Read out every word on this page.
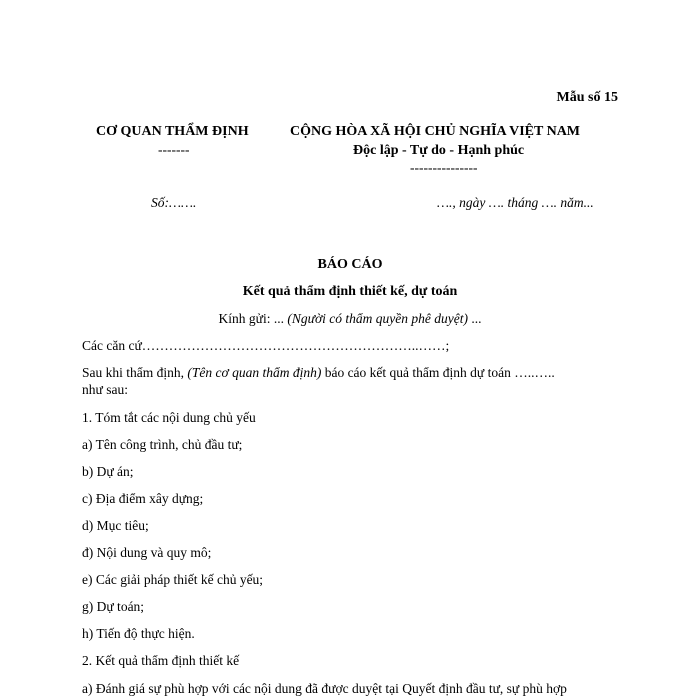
Mẫu số 15
CƠ QUAN THẨM ĐỊNH
-------
CỘNG HÒA XÃ HỘI CHỦ NGHĨA VIỆT NAM
Độc lập - Tự do - Hạnh phúc
---------------
Số:…….	…., ngày …. tháng …. năm...
BÁO CÁO
Kết quả thẩm định thiết kế, dự toán
Kính gửi: ... (Người có thẩm quyền phê duyệt) ...
Các căn cứ……………………………………………………..……;
Sau khi thẩm định, (Tên cơ quan thẩm định) báo cáo kết quả thẩm định dự toán …..…..
như sau:
1. Tóm tắt các nội dung chủ yếu
a) Tên công trình, chủ đầu tư;
b) Dự án;
c) Địa điểm xây dựng;
d) Mục tiêu;
đ) Nội dung và quy mô;
e) Các giải pháp thiết kế chủ yếu;
g) Dự toán;
h) Tiến độ thực hiện.
2. Kết quả thẩm định thiết kế
a) Đánh giá sự phù hợp với các nội dung đã được duyệt tại Quyết định đầu tư, sự phù hợp
